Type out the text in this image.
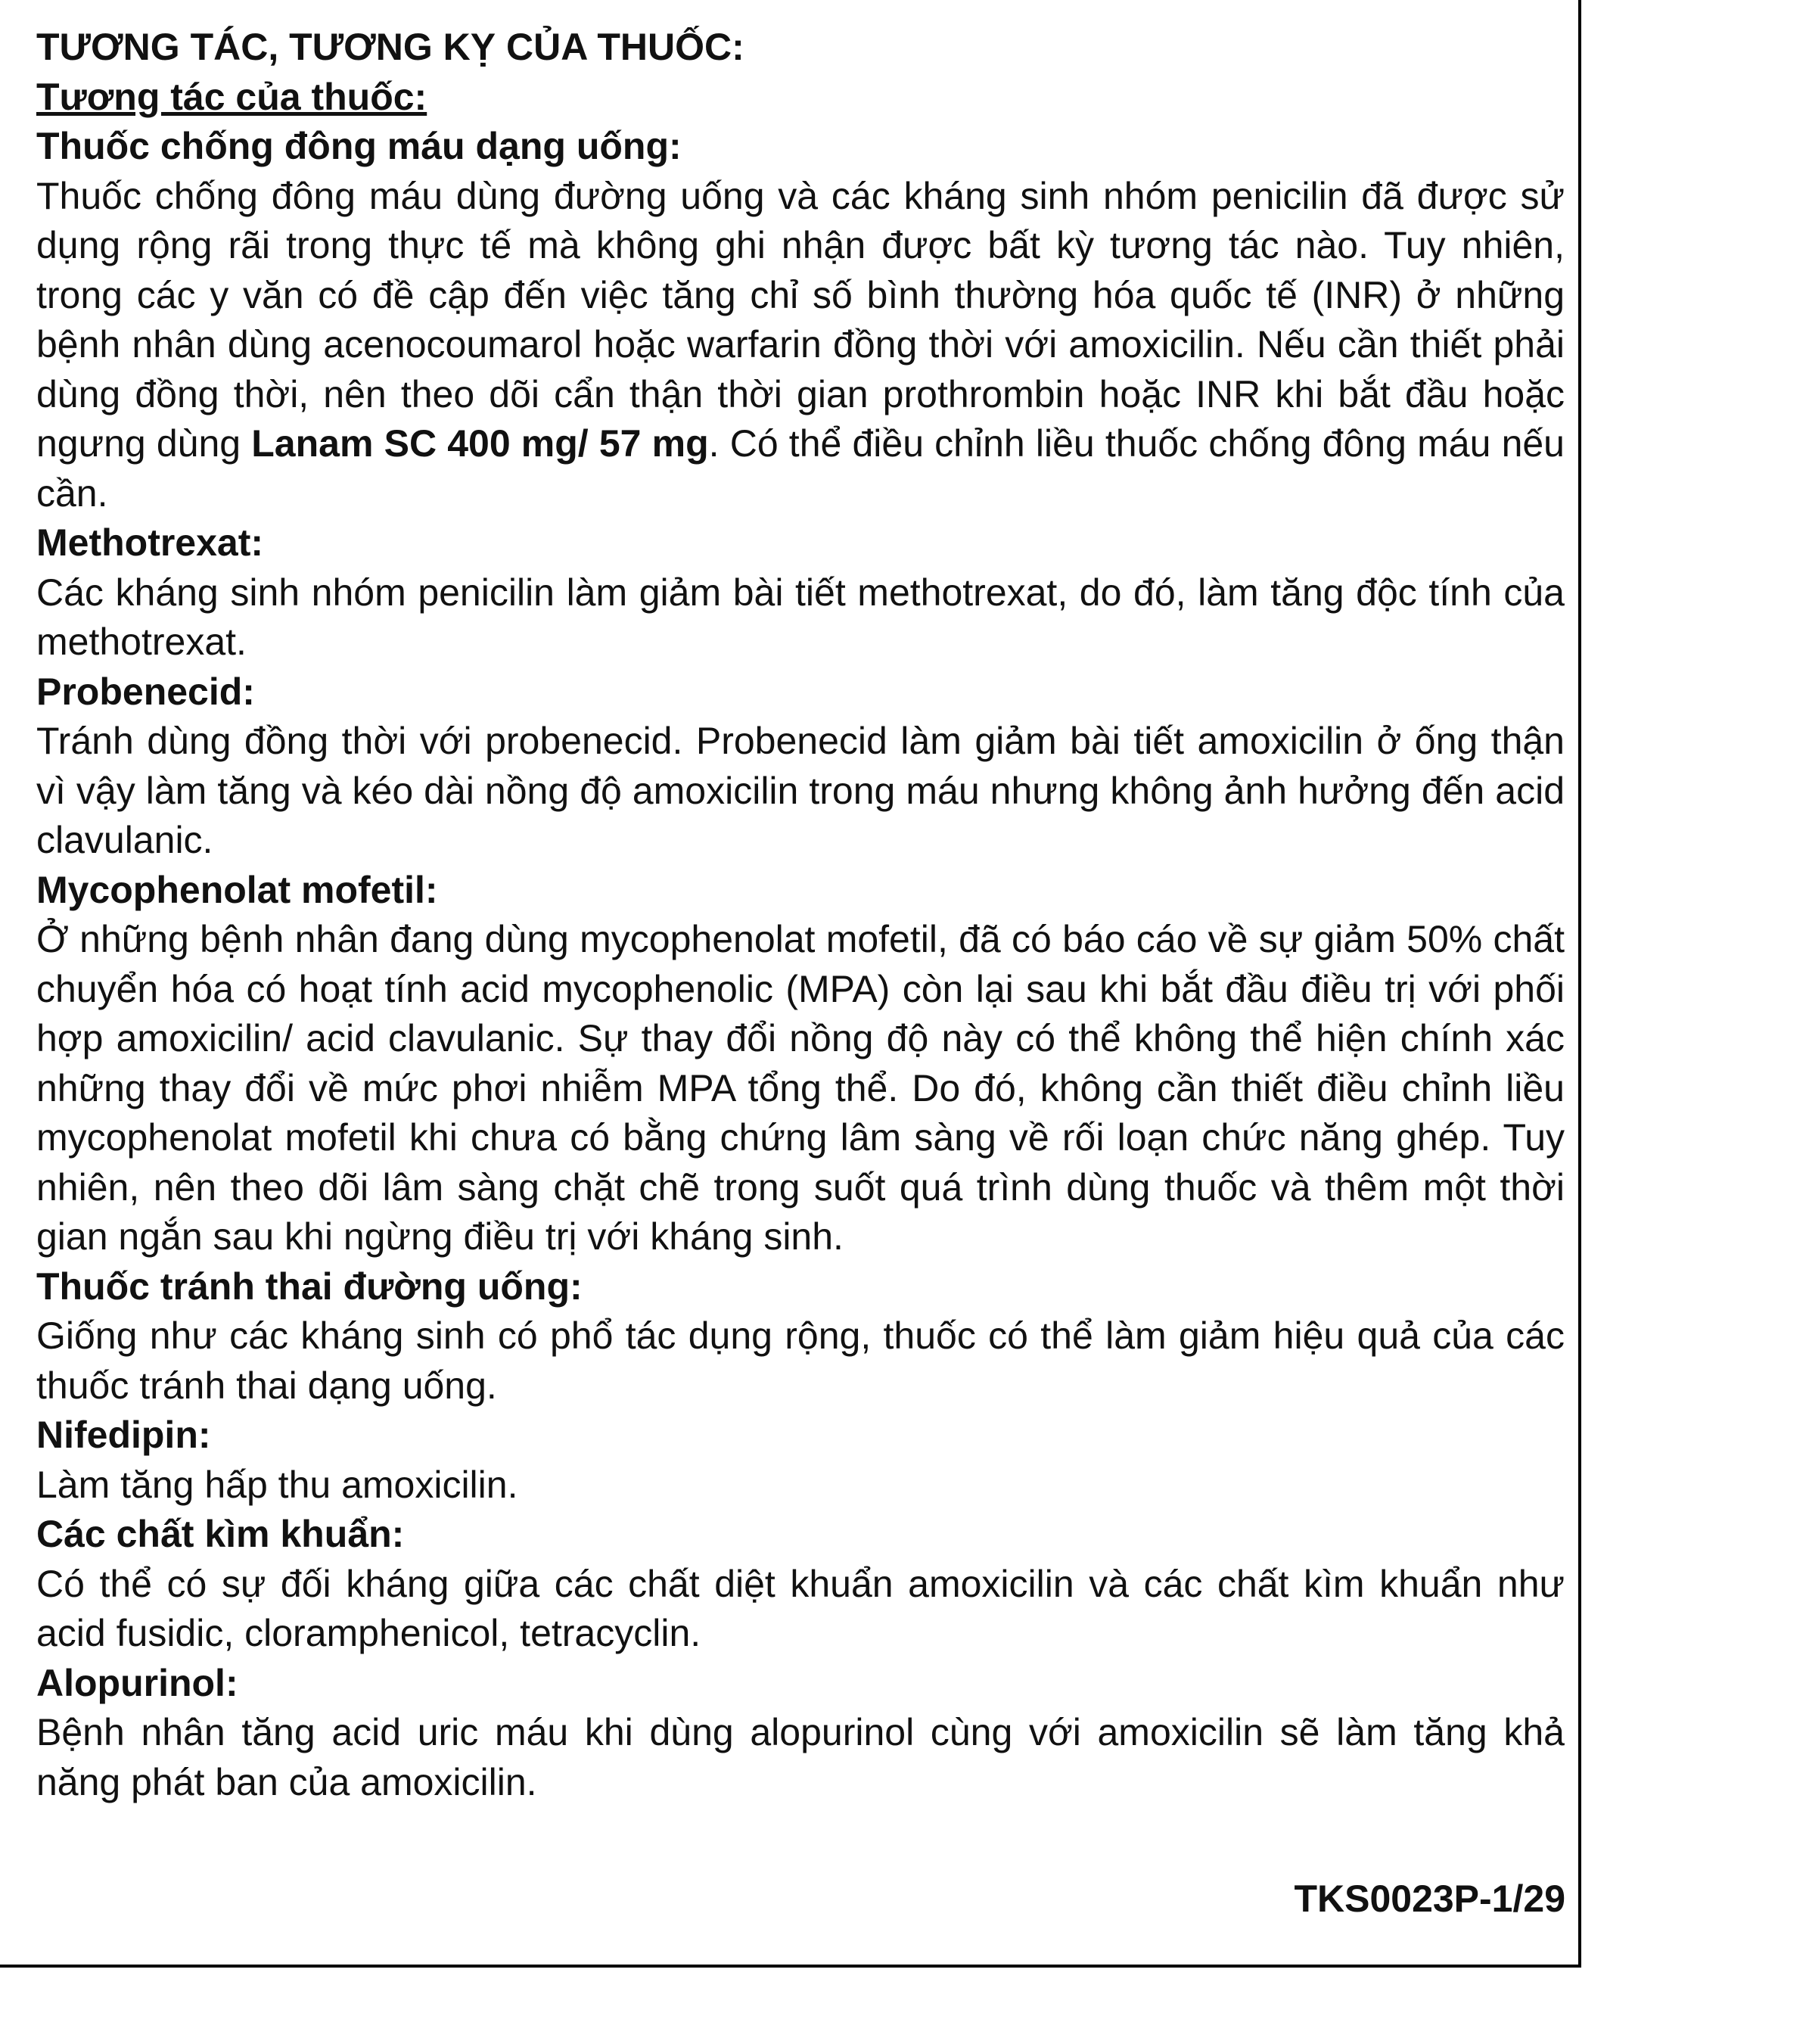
TƯƠNG TÁC, TƯƠNG KỴ CỦA THUỐC:
Tương tác của thuốc:
Thuốc chống đông máu dạng uống:

Thuốc chống đông máu dùng đường uống và các kháng sinh nhóm penicilin đã được sử dụng rộng rãi trong thực tế mà không ghi nhận được bất kỳ tương tác nào. Tuy nhiên, trong các y văn có đề cập đến việc tăng chỉ số bình thường hóa quốc tế (INR) ở những bệnh nhân dùng acenocoumarol hoặc warfarin đồng thời với amoxicilin. Nếu cần thiết phải dùng đồng thời, nên theo dõi cẩn thận thời gian prothrombin hoặc INR khi bắt đầu hoặc ngưng dùng Lanam SC 400 mg/ 57 mg. Có thể điều chỉnh liều thuốc chống đông máu nếu cần.

Methotrexat:

Các kháng sinh nhóm penicilin làm giảm bài tiết methotrexat, do đó, làm tăng độc tính của methotrexat.

Probenecid:

Tránh dùng đồng thời với probenecid. Probenecid làm giảm bài tiết amoxicilin ở ống thận vì vậy làm tăng và kéo dài nồng độ amoxicilin trong máu nhưng không ảnh hưởng đến acid clavulanic.

Mycophenolat mofetil:

Ở những bệnh nhân đang dùng mycophenolat mofetil, đã có báo cáo về sự giảm 50% chất chuyển hóa có hoạt tính acid mycophenolic (MPA) còn lại sau khi bắt đầu điều trị với phối hợp amoxicilin/ acid clavulanic. Sự thay đổi nồng độ này có thể không thể hiện chính xác những thay đổi về mức phơi nhiễm MPA tổng thể. Do đó, không cần thiết điều chỉnh liều mycophenolat mofetil khi chưa có bằng chứng lâm sàng về rối loạn chức năng ghép. Tuy nhiên, nên theo dõi lâm sàng chặt chẽ trong suốt quá trình dùng thuốc và thêm một thời gian ngắn sau khi ngừng điều trị với kháng sinh.

Thuốc tránh thai đường uống:

Giống như các kháng sinh có phổ tác dụng rộng, thuốc có thể làm giảm hiệu quả của các thuốc tránh thai dạng uống.

Nifedipin:

Làm tăng hấp thu amoxicilin.

Các chất kìm khuẩn:

Có thể có sự đối kháng giữa các chất diệt khuẩn amoxicilin và các chất kìm khuẩn như acid fusidic, cloramphenicol, tetracyclin.

Alopurinol:

Bệnh nhân tăng acid uric máu khi dùng alopurinol cùng với amoxicilin sẽ làm tăng khả năng phát ban của amoxicilin.

TKS0023P-1/29
